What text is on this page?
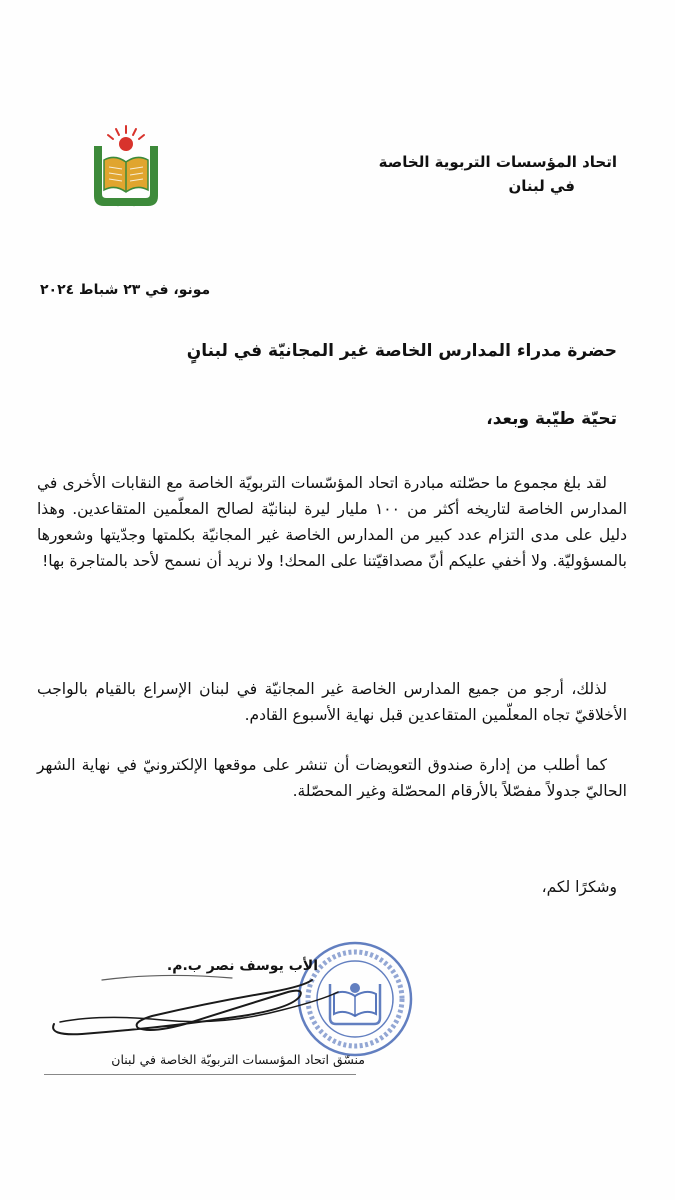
اتحاد المؤسسات التربوية الخاصة
في لبنان
مونو، في ٢٣ شباط ٢٠٢٤
حضرة مدراء المدارس الخاصة غير المجانيّة في لبنانٍ
تحيّة طيّبة وبعد،

لقد بلغ مجموع ما حصّلته مبادرة اتحاد المؤسّسات التربويّة الخاصة مع النقابات الأخرى في المدارس الخاصة لتاريخه أكثر من ١٠٠ مليار ليرة لبنانيّة لصالح المعلّمين المتقاعدين. وهذا دليل على مدى التزام عدد كبير من المدارس الخاصة غير المجانيّة بكلمتها وجدّيتها وشعورها بالمسؤوليّة. ولا أخفي عليكم أنّ مصداقيّتنا على المحك! ولا نريد أن نسمح لأحد بالمتاجرة بها!

لذلك، أرجو من جميع المدارس الخاصة غير المجانيّة في لبنان الإسراع بالقيام بالواجب الأخلاقيّ تجاه المعلّمين المتقاعدين قبل نهاية الأسبوع القادم.

كما أطلب من إدارة صندوق التعويضات أن تنشر على موقعها الإلكترونيّ في نهاية الشهر الحاليّ جدولاً مفصّلاً بالأرقام المحصّلة وغير المحصّلة.

وشكرًا لكم،
الأب يوسف نصر ب.م.
منسّق اتحاد المؤسسات التربويّة الخاصة في لبنان
